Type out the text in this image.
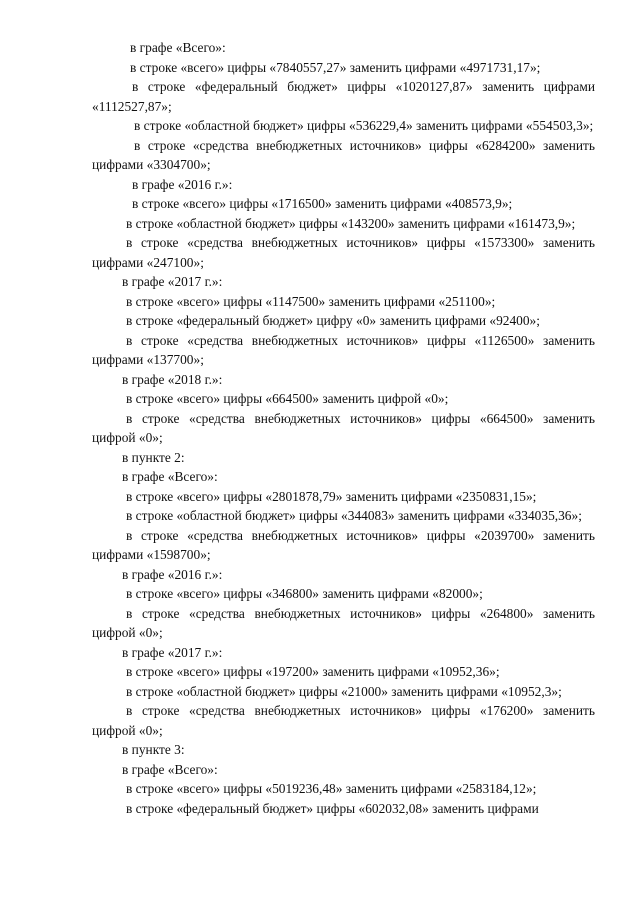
в графе «Всего»:

в строке «всего» цифры «7840557,27» заменить цифрами «4971731,17»;

в строке «федеральный бюджет» цифры «1020127,87» заменить цифрами «1112527,87»;

в строке «областной бюджет» цифры «536229,4» заменить цифрами «554503,3»;

в строке «средства внебюджетных источников» цифры «6284200» заменить цифрами «3304700»;

в графе «2016 г.»:

в строке «всего» цифры «1716500» заменить цифрами «408573,9»;

в строке «областной бюджет» цифры «143200» заменить цифрами «161473,9»;

в строке «средства внебюджетных источников» цифры «1573300» заменить цифрами «247100»;

в графе «2017 г.»:

в строке «всего» цифры «1147500» заменить цифрами «251100»;

в строке «федеральный бюджет» цифру «0» заменить цифрами «92400»;

в строке «средства внебюджетных источников» цифры «1126500» заменить цифрами «137700»;

в графе «2018 г.»:

в строке «всего» цифры «664500» заменить цифрой «0»;

в строке «средства внебюджетных источников» цифры «664500» заменить цифрой «0»;

в пункте 2:

в графе «Всего»:

в строке «всего» цифры «2801878,79» заменить цифрами «2350831,15»;

в строке «областной бюджет» цифры «344083» заменить цифрами «334035,36»;

в строке «средства внебюджетных источников» цифры «2039700» заменить цифрами «1598700»;

в графе «2016 г.»:

в строке «всего» цифры «346800» заменить цифрами «82000»;

в строке «средства внебюджетных источников» цифры «264800» заменить цифрой «0»;

в графе «2017 г.»:

в строке «всего» цифры «197200» заменить цифрами «10952,36»;

в строке «областной бюджет» цифры «21000» заменить цифрами «10952,3»;

в строке «средства внебюджетных источников» цифры «176200» заменить цифрой «0»;

в пункте 3:

в графе «Всего»:

в строке «всего» цифры «5019236,48» заменить цифрами «2583184,12»;

в строке «федеральный бюджет» цифры «602032,08» заменить цифрами
